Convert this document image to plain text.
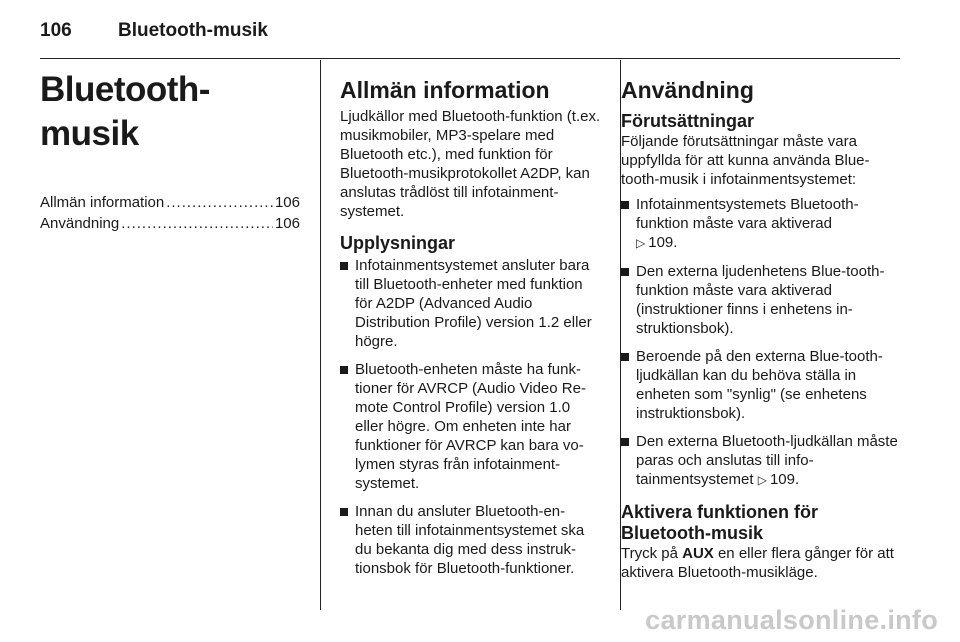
106 Bluetooth-musik
Bluetooth-musik
Allmän information .....	106
Användning .....	106
Allmän information

Ljudkällor med Bluetooth-funktion (t.ex. musikmobiler, MP3-spelare med Bluetooth etc.), med funktion för Bluetooth-musikprotokollet A2DP, kan anslutas trådlöst till infotainment-systemet.

Upplysningar
Infotainmentsystemet ansluter bara till Bluetooth-enheter med funktion för A2DP (Advanced Audio Distribution Profile) version 1.2 eller högre.
Bluetooth-enheten måste ha funk-tioner för AVRCP (Audio Video Re-mote Control Profile) version 1.0 eller högre. Om enheten inte har funktioner för AVRCP kan bara vo-lymen styras från infotainment-systemet.
Innan du ansluter Bluetooth-en-heten till infotainmentsystemet ska du bekanta dig med dess instruk-tionsbok för Bluetooth-funktioner.
Användning
Förutsättningar

Följande förutsättningar måste vara uppfyllda för att kunna använda Blue-tooth-musik i infotainmentsystemet:

Infotainmentsystemets Bluetooth-funktion måste vara aktiverad
▷ 109.
Den externa ljudenhetens Blue-tooth-funktion måste vara aktiverad (instruktioner finns i enhetens in-struktionsbok).
Beroende på den externa Blue-tooth-ljudkällan kan du behöva ställa in enheten som "synlig" (se enhetens instruktionsbok).
Den externa Bluetooth-ljudkällan måste paras och anslutas till info-tainmentsystemet ▷ 109.
Aktivera funktionen för Bluetooth-musik

Tryck på AUX en eller flera gånger för att aktivera Bluetooth-musikläge.

carmanualsonline.info
